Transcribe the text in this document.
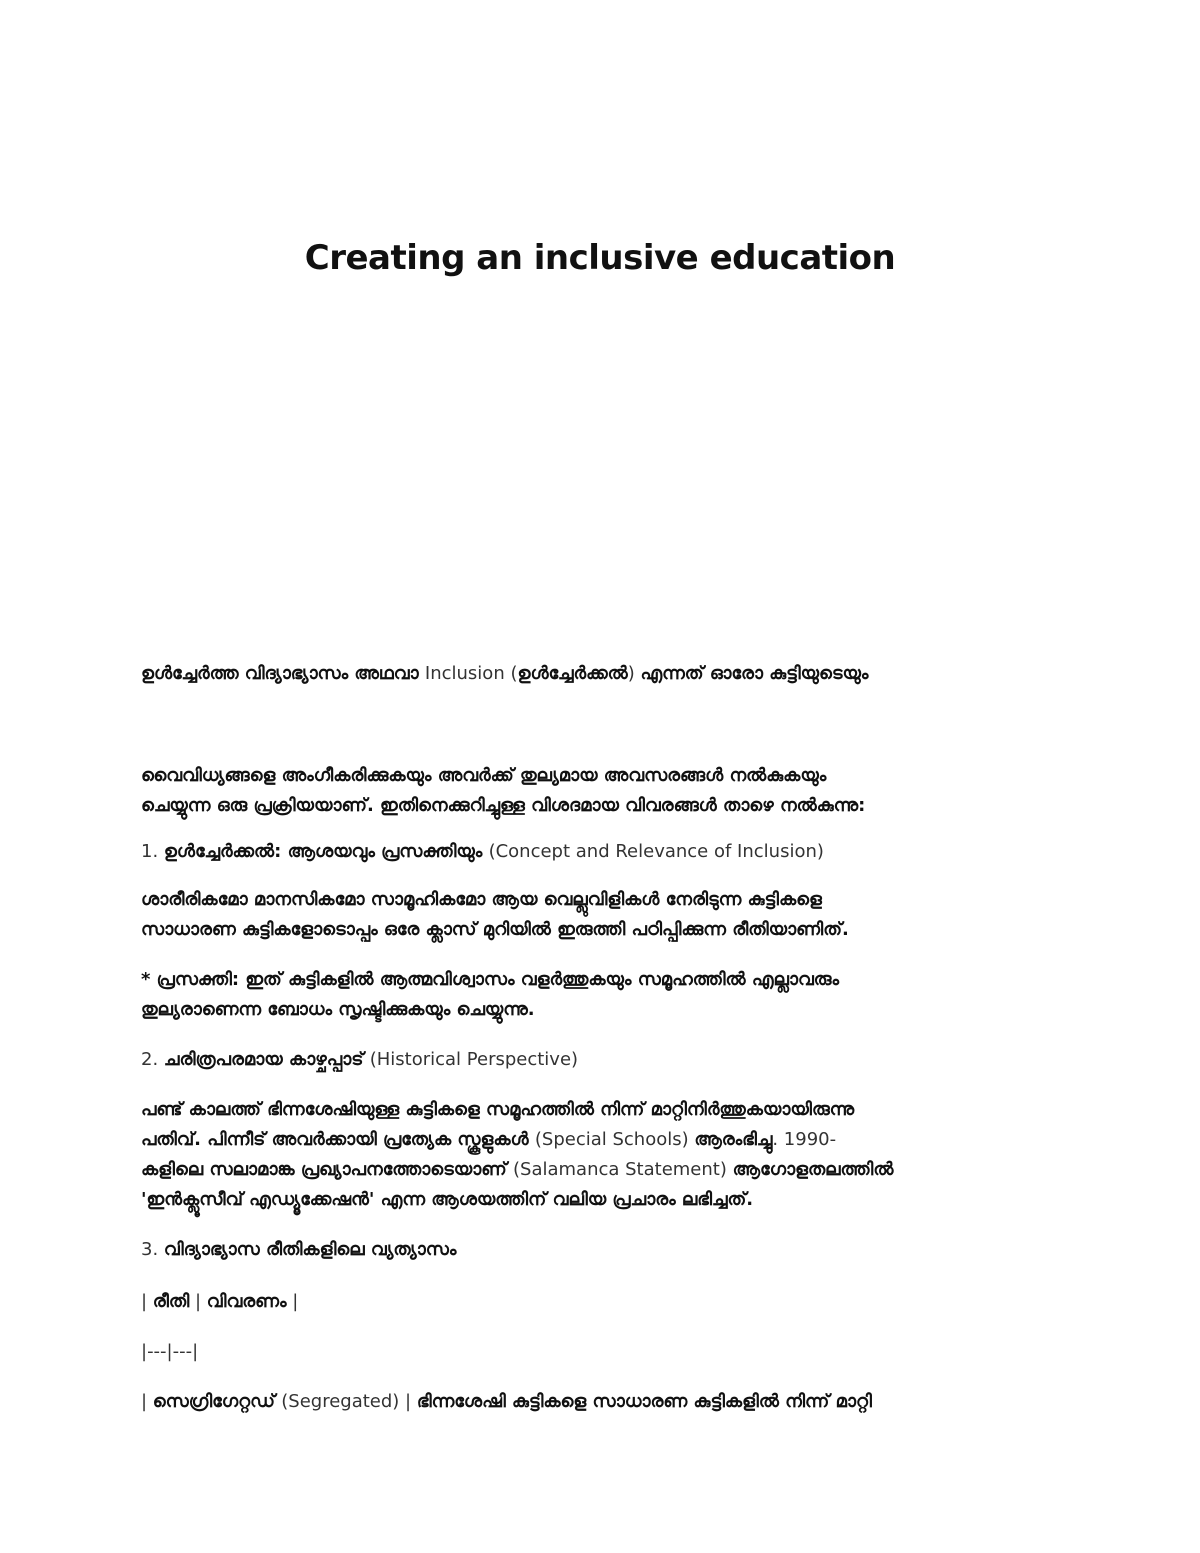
Creating an inclusive education

ഉൾച്ചേർത്ത വിദ്യാഭ്യാസം അഥവാ Inclusion (ഉൾച്ചേർക്കൽ) എന്നത് ഓരോ കുട്ടിയുടെയും

വൈവിധ്യങ്ങളെ അംഗീകരിക്കുകയും അവർക്ക് തുല്യമായ അവസരങ്ങൾ നൽകുകയും

ചെയ്യുന്ന ഒരു പ്രക്രിയയാണ്. ഇതിനെക്കുറിച്ചുള്ള വിശദമായ വിവരങ്ങൾ താഴെ നൽകുന്നു:

1. ഉൾച്ചേർക്കൽ: ആശയവും പ്രസക്തിയും (Concept and Relevance of Inclusion)

ശാരീരികമോ മാനസികമോ സാമൂഹികമോ ആയ വെല്ലുവിളികൾ നേരിടുന്ന കുട്ടികളെ

സാധാരണ കുട്ടികളോടൊപ്പം ഒരേ ക്ലാസ് മുറിയിൽ ഇരുത്തി പഠിപ്പിക്കുന്ന രീതിയാണിത്.

* പ്രസക്തി: ഇത് കുട്ടികളിൽ ആത്മവിശ്വാസം വളർത്തുകയും സമൂഹത്തിൽ എല്ലാവരും

തുല്യരാണെന്ന ബോധം സൃഷ്ടിക്കുകയും ചെയ്യുന്നു.

2. ചരിത്രപരമായ കാഴ്ചപ്പാട് (Historical Perspective)

പണ്ട് കാലത്ത് ഭിന്നശേഷിയുള്ള കുട്ടികളെ സമൂഹത്തിൽ നിന്ന് മാറ്റിനിർത്തുകയായിരുന്നു

പതിവ്. പിന്നീട് അവർക്കായി പ്രത്യേക സ്കൂളുകൾ (Special Schools) ആരംഭിച്ചു. 1990-

കളിലെ സലാമാങ്ക പ്രഖ്യാപനത്തോടെയാണ് (Salamanca Statement) ആഗോളതലത്തിൽ

'ഇൻക്ലൂസീവ് എഡ്യൂക്കേഷൻ' എന്ന ആശയത്തിന് വലിയ പ്രചാരം ലഭിച്ചത്.

3. വിദ്യാഭ്യാസ രീതികളിലെ വ്യത്യാസം

| രീതി | വിവരണം |

|---|---|

| സെഗ്രിഗേറ്റഡ് (Segregated) | ഭിന്നശേഷി കുട്ടികളെ സാധാരണ കുട്ടികളിൽ നിന്ന് മാറ്റി
